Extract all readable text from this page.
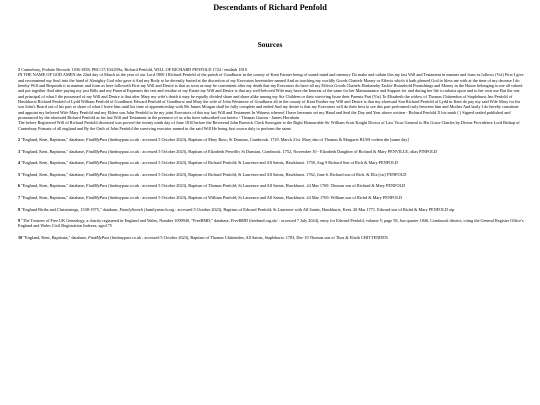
Descendants of Richard Penfold
Sources
1 Canterbury, Probate Records 1396-1858, PRC/17/104/259a, Richard Penfold, WILL OF RICHARD PENFOLD 1724 / emdash 1810
IN THE NAME OF GOD AMEN the 22nd day of March in the year of our Lord 1800 I Richard Penfold of the parish of Goudhurst in the county of Kent Farmer being of sound mind and memory Do make and ordain this my last Will and Testament in manner and form as follows (Viz) First I give and recommend my Soul into the hand of Almighty God who gave it And my Body to be decently buried at the discretion of my Executors hereinafter named And as touching my worldly Goods Chattels Money or Effects which it hath pleased God to bless me with at the time of my decease I do hereby Will and Bequeath it in manner and form as here followeth First my Will and Desire is that as soon as may be convenient after my death that my Executors do have all my Effects Goods Chattels Husbandry Tackle Household Furnishings and Money in the House belonging to me all valued and put together And after paying my just Bills and my Funeral Expenses the rest and residue of my Estate my Will and Desire is that my well-beloved Wife may have the Interest of the same for her Maintainance and Support for and during her life to subsist upon and to her own use But the rest and principal of what I die possessed of my Will and Desire is that after Mary my wife's death it may be equally divided share and share alike among my Six Children or their surviving Issue their Parents Part (Viz) To Elizabeth the widow of Thomas Chittendon of Staplehurst Jno Penfold of Hawkhurst Richard Penfold of Lydd William Penfold of Goudhurst Edward Penfold of Goudhurst and Mary the wife of John Westmore of Goudhurst all in the county of Kent Further my Will and Desire is that my aforesaid Son Richard Penfold of Lydd in Kent do pay my said Wife Mary for his son John's Board out of his part or share of what I leave him until his time of apprenticeship with Mr James Morgan shall be fully complete and ended And my desire is that my Executors will do their best to see this part performed truly between him and Mother And lastly I do hereby constitute and appoint my beloved Wife Mary Penfold and my Eldest son John Penfold to be my joint Executors of this my last Will and Testament In Witness whereof I have hereunto set my Hand and Seal the Day and Year above written - Richard Penfold X his mark ( ) Signed sealed published and pronounced by the aforesaid Richard Penfold as his last Will and Testament in the presence of us who have subscribed our hereto - Thomas Gaston - James Hornbain
The before Registered Will of Richard Penfold deceased was proved the twenty ninth day of June 1810 before the Reverend John Barwick Clerk Surrogate to the Right Honourable Sir William Scott Knight Doctor of Law Vicar General to His Grace Charles by Divine Providence Lord Bishop of Canterbury Primate of all england and By the Oath of John Penfold the surviving executor named in the said Will He being first sworn duly to perform the same.
2 "England, Kent, Baptisms," database, FindMyPast (findmypast.co.uk : accessed 5 October 2023), Baptism of Mary Buss; St Dunstan, Cranbrook. 1729. March 21st. Mary dau of Thomas & Margaret BUSS codem die [same day]
3 "England, Kent, Baptisms," database, FindMyPast (findmypast.co.uk : accessed 5 October 2023), Baptism of Elizabeth Penville; St Dunstan, Cranbrook. 1752, November 10 - Elizabeth Daughter of Richard & Mary PENVILLE, alias PINFOLD
4 "England, Kent, Baptisms," database, FindMyPast (findmypast.co.uk : accessed 5 October 2023), Baptism of Richard Penfold; St Laurence and All Saints, Hawkhurst. 1758, Aug 9 Richard Son of Rich & Mary PENFOLD
5 "England, Kent, Baptisms," database, FindMyPast (findmypast.co.uk : accessed 5 October 2023), Baptism of Richard Penfold; St Laurence and All Saints, Hawkhurst. 1762, June 6. Richard son of Rich. & Eliz.[sic] PENFOLD
6 "England, Kent, Baptisms," database, FindMyPast (findmypast.co.uk : accessed 5 October 2023), Baptism of Thomas Penfold; St Laurence and All Saints, Hawkhurst. 24 Mar 1769: Thomas son of Richard & Mary PENFOLD
7 "England, Kent, Baptisms," database, FindMyPast (findmypast.co.uk : accessed 5 October 2023), Baptism of William Penfold; St Laurence and All Saints, Hawkhurst. 24 Mar 1769: William son of Richd & Mary PENFOLD
8 "England Births and Christenings, 1538-1975," database, FamilySearch (familysearch.org : accessed 5 October 2023), Baptism of Edward Penfold; St Laurence with All Saints, Hawkhurst, Kent. 20 Mar 1771. Edward son of Richd & Mary PENFOLD otp
9 "The Trustees of Free UK Genealogy, a charity registered in England and Wales, Number 1090940, "FreeBMD," database, FreeBMD (freebmd.org.uk/ : accessed 7 July 2024), entry for Edward Penfold, volume V, page 58, Jun quarter 1846, Cranbrook district; citing the General Register Office's England and Wales Civil Registration Indexes; aged 75
10 "England, Kent, Baptisms," database, FindMyPast (findmypast.co.uk : accessed 5 October 2023), Baptism of Thomas Chittenden; All Saints, Staplehurst. 1783, Dec 10 Thomas son of Thos & Elizth CHITTENDEN
